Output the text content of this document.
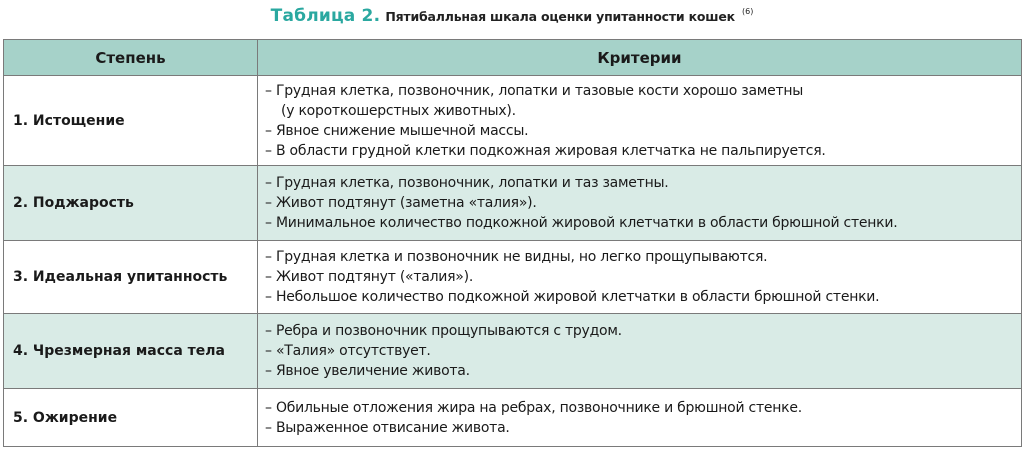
Таблица 2. Пятибалльная шкала оценки упитанности кошек $^{(6)}$
Степень	Критерии
1. Истощение	– Грудная клетка, позвоночник, лопатки и тазовые кости хорошо заметны
(у короткошерстных животных).
– Явное снижение мышечной массы.
– В области грудной клетки подкожная жировая клетчатка не пальпируется.

2. Поджарость	– Грудная клетка, позвоночник, лопатки и таз заметны.
– Живот подтянут (заметна «талия»).
– Минимальное количество подкожной жировой клетчатки в области брюшной стенки.

3. Идеальная упитанность	– Грудная клетка и позвоночник не видны, но легко прощупываются.
– Живот подтянут («талия»).
– Небольшое количество подкожной жировой клетчатки в области брюшной стенки.

4. Чрезмерная масса тела	– Ребра и позвоночник прощупываются с трудом.
– «Талия» отсутствует.
– Явное увеличение живота.

5. Ожирение	– Обильные отложения жира на ребрах, позвоночнике и брюшной стенке.
– Выраженное отвисание живота.
